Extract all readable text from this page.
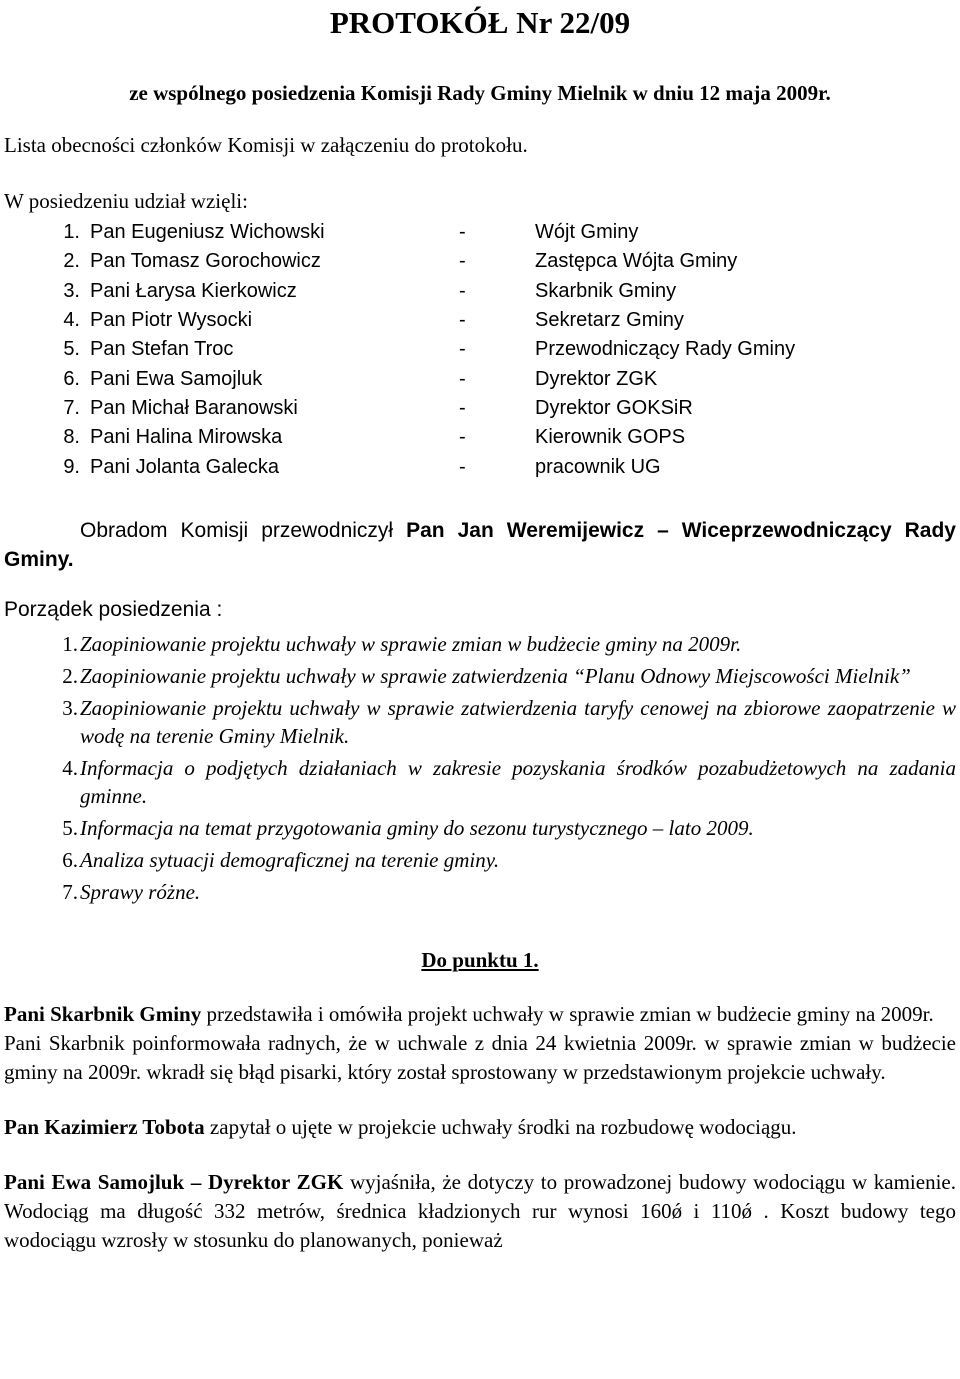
PROTOKÓŁ Nr 22/09
ze wspólnego posiedzenia Komisji Rady Gminy Mielnik w dniu 12 maja 2009r.
Lista obecności członków Komisji w załączeniu do protokołu.
W posiedzeniu udział wzięli:
1. Pan Eugeniusz Wichowski	-	Wójt Gminy
2. Pan Tomasz Gorochowicz	-	Zastępca Wójta Gminy
3. Pani Łarysa Kierkowicz	-	Skarbnik Gminy
4. Pan Piotr Wysocki	-	Sekretarz Gminy
5. Pan Stefan Troc	-	Przewodniczący Rady Gminy
6. Pani Ewa Samojluk	-	Dyrektor ZGK
7. Pan Michał Baranowski	-	Dyrektor GOKSiR
8. Pani Halina Mirowska	-	Kierownik GOPS
9. Pani Jolanta Galecka	-	pracownik UG
Obradom Komisji przewodniczył Pan Jan Weremijewicz – Wiceprzewodniczący Rady Gminy.
Porządek posiedzenia :
1. Zaopiniowanie projektu uchwały w sprawie zmian w budżecie gminy na 2009r.
2. Zaopiniowanie projektu uchwały w sprawie zatwierdzenia “Planu Odnowy Miejscowości Mielnik”
3. Zaopiniowanie projektu uchwały w sprawie zatwierdzenia taryfy cenowej na zbiorowe zaopatrzenie w wodę na terenie Gminy Mielnik.
4. Informacja o podjętych działaniach w zakresie pozyskania środków pozabudżetowych na zadania gminne.
5. Informacja na temat przygotowania gminy do sezonu turystycznego – lato 2009.
6. Analiza sytuacji demograficznej na terenie gminy.
7. Sprawy różne.
Do punktu 1.
Pani Skarbnik Gminy przedstawiła i omówiła projekt uchwały w sprawie zmian w budżecie gminy na 2009r.
Pani Skarbnik poinformowała radnych, że w uchwale z dnia 24 kwietnia 2009r. w sprawie zmian w budżecie gminy na 2009r. wkradł się błąd pisarki, który został sprostowany w przedstawionym projekcie uchwały.
Pan Kazimierz Tobota zapytał o ujęte w projekcie uchwały środki na rozbudowę wodociągu.
Pani Ewa Samojluk – Dyrektor ZGK wyjaśniła, że dotyczy to prowadzonej budowy wodociągu w kamienie. Wodociąg ma długość 332 metrów, średnica kładzionych rur wynosi 160ǿ i 110ǿ . Koszt budowy tego wodociągu wzrosły w stosunku do planowanych, ponieważ
